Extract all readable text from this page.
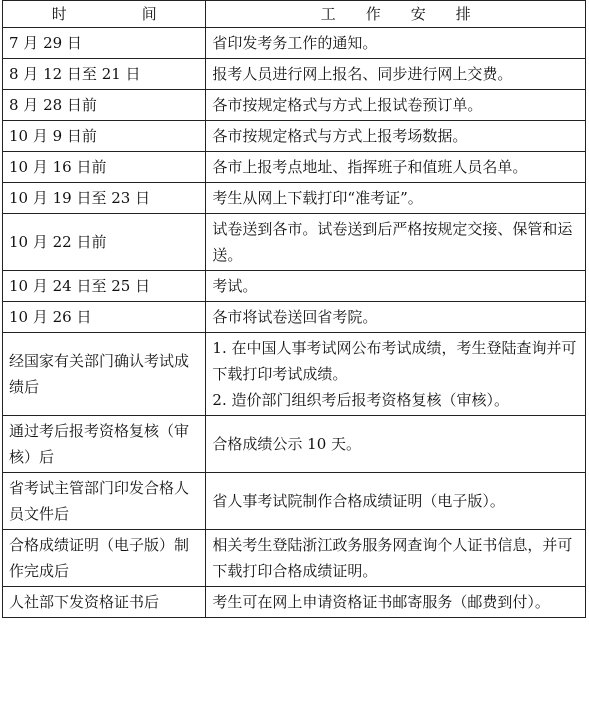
时　　　　　间	工　　作　　安　　排
7 月 29 日	省印发考务工作的通知。

8 月 12 日至 21 日	报考人员进行网上报名、同步进行网上交费。

8 月 28 日前	各市按规定格式与方式上报试卷预订单。

10 月 9 日前	各市按规定格式与方式上报考场数据。

10 月 16 日前	各市上报考点地址、指挥班子和值班人员名单。

10 月 19 日至 23 日	考生从网上下载打印“准考证”。

10 月 22 日前	试卷送到各市。试卷送到后严格按规定交接、保管和运送。

10 月 24 日至 25 日	考试。

10 月 26 日	各市将试卷送回省考院。

经国家有关部门确认考试成绩后	1. 在中国人事考试网公布考试成绩，考生登陆查询并可下载打印考试成绩。
2. 造价部门组织考后报考资格复核（审核）。

通过考后报考资格复核（审核）后	合格成绩公示 10 天。

省考试主管部门印发合格人员文件后	省人事考试院制作合格成绩证明（电子版）。

合格成绩证明（电子版）制作完成后	相关考生登陆浙江政务服务网查询个人证书信息，并可下载打印合格成绩证明。

人社部下发资格证书后	考生可在网上申请资格证书邮寄服务（邮费到付）。
